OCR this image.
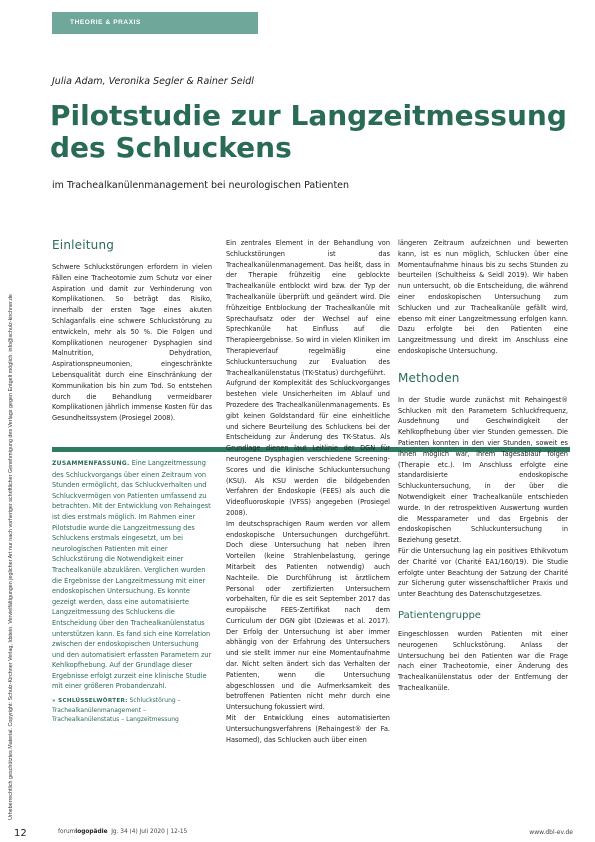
THEORIE & PRAXIS
Urheberrechtlich geschütztes Material. Copyright: Schulz-Kirchner Verlag, Idstein. Vervielfältigungen jeglicher Art nur nach vorheriger schriftlicher Genehmigung des Verlags gegen Entgelt möglich. info@schulz-kirchner.de
Julia Adam, Veronika Segler & Rainer Seidl
Pilotstudie zur Langzeitmessung des Schluckens
im Trachealkanülenmanagement bei neurologischen Patienten
Einleitung

Schwere Schluckstörungen erfordern in vielen Fällen eine Tracheotomie zum Schutz vor einer Aspiration und damit zur Verhinderung von Komplikationen. So beträgt das Risiko, innerhalb der ersten Tage eines akuten Schlaganfalls eine schwere Schluckstörung zu entwickeln, mehr als 50 %. Die Folgen und Komplikationen neurogener Dysphagien sind Malnutrition, Dehydration, Aspirationspneumonien, eingeschränkte Lebensqualität durch eine Einschränkung der Kommunikation bis hin zum Tod. So entstehen durch die Behandlung vermeidbarer Komplikationen jährlich immense Kosten für das Gesundheitssystem (Prosiegel 2008).

ZUSAMMENFASSUNG. Eine Langzeitmessung des Schluckvorgangs über einen Zeitraum von Stunden ermöglicht, das Schluckverhalten und Schluckvermögen von Patienten umfassend zu betrachten. Mit der Entwicklung von Rehaingest ist dies erstmals möglich. Im Rahmen einer Pilotstudie wurde die Langzeitmessung des Schluckens erstmals eingesetzt, um bei neurologischen Patienten mit einer Schluckstörung die Notwendigkeit einer Trachealkanüle abzuklären. Verglichen wurden die Ergebnisse der Langzeitmessung mit einer endoskopischen Untersuchung. Es konnte gezeigt werden, dass eine automatisierte Langzeitmessung des Schluckens die Entscheidung über den Trachealkanülenstatus unterstützen kann. Es fand sich eine Korrelation zwischen der endoskopischen Untersuchung und den automatisiert erfassten Parametern zur Kehlkopfhebung. Auf der Grundlage dieser Ergebnisse erfolgt zurzeit eine klinische Studie mit einer größeren Probandenzahl.

» SCHLÜSSELWÖRTER: Schluckstörung – Trachealkanülenmanagement – Trachealkanülenstatus – Langzeitmessung

Ein zentrales Element in der Behandlung von Schluckstörungen ist das Trachealkanülenmanagement. Das heißt, dass in der Therapie frühzeitig eine geblockte Trachealkanüle entblockt wird bzw. der Typ der Trachealkanüle überprüft und geändert wird. Die frühzeitige Entblockung der Trachealkanüle mit Sprechaufsatz oder der Wechsel auf eine Sprechkanüle hat Einfluss auf die Therapieergebnisse. So wird in vielen Kliniken im Therapieverlauf regelmäßig eine Schluckuntersuchung zur Evaluation des Trachealkanülenstatus (TK-Status) durchgeführt.

Aufgrund der Komplexität des Schluckvorganges bestehen viele Unsicherheiten im Ablauf und Prozedere des Trachealkanülenmanagements. Es gibt keinen Goldstandard für eine einheitliche und sichere Beurteilung des Schluckens bei der Entscheidung zur Änderung des TK-Status. Als Grundlage dienen laut Leitlinie der DGN für neurogene Dysphagien verschiedene Screening-Scores und die klinische Schluckuntersuchung (KSU). Als KSU werden die bildgebenden Verfahren der Endoskopie (FEES) als auch die Videofluoroskopie (VFSS) angegeben (Prosiegel 2008).

Im deutschsprachigen Raum werden vor allem endoskopische Untersuchungen durchgeführt. Doch diese Untersuchung hat neben ihren Vorteilen (keine Strahlenbelastung, geringe Mitarbeit des Patienten notwendig) auch Nachteile. Die Durchführung ist ärztlichem Personal oder zertifizierten Untersuchern vorbehalten, für die es seit September 2017 das europäische FEES-Zertifikat nach dem Curriculum der DGN gibt (Dziewas et al. 2017). Der Erfolg der Untersuchung ist aber immer abhängig von der Erfahrung des Untersuchers und sie stellt immer nur eine Momentaufnahme dar. Nicht selten ändert sich das Verhalten der Patienten, wenn die Untersuchung abgeschlossen und die Aufmerksamkeit des betroffenen Patienten nicht mehr durch eine Untersuchung fokussiert wird.

Mit der Entwicklung eines automatisierten Untersuchungsverfahrens (Rehaingest® der Fa. Hasomed), das Schlucken auch über einen

längeren Zeitraum aufzeichnen und bewerten kann, ist es nun möglich, Schlucken über eine Momentaufnahme hinaus bis zu sechs Stunden zu beurteilen (Schultheiss & Seidl 2019). Wir haben nun untersucht, ob die Entscheidung, die während einer endoskopischen Untersuchung zum Schlucken und zur Trachealkanüle gefällt wird, ebenso mit einer Langzeitmessung erfolgen kann. Dazu erfolgte bei den Patienten eine Langzeitmessung und direkt im Anschluss eine endoskopische Untersuchung.

Methoden

In der Studie wurde zunächst mit Rehaingest® Schlucken mit den Parametern Schluckfrequenz, Ausdehnung und Geschwindigkeit der Kehlkopfhebung über vier Stunden gemessen. Die Patienten konnten in den vier Stunden, soweit es ihnen möglich war, ihrem Tagesablauf folgen (Therapie etc.). Im Anschluss erfolgte eine standardisierte endoskopische Schluckuntersuchung, in der über die Notwendigkeit einer Trachealkanüle entschieden wurde. In der retrospektiven Auswertung wurden die Messparameter und das Ergebnis der endoskopischen Schluckuntersuchung in Beziehung gesetzt.

Für die Untersuchung lag ein positives Ethikvotum der Charité vor (Charité EA1/160/19). Die Studie erfolgte unter Beachtung der Satzung der Charité zur Sicherung guter wissenschaftlicher Praxis und unter Beachtung des Datenschutzgesetzes.

Patientengruppe

Eingeschlossen wurden Patienten mit einer neurogenen Schluckstörung. Anlass der Untersuchung bei den Patienten war die Frage nach einer Tracheotomie, einer Änderung des Trachealkanülenstatus oder der Entfernung der Trachealkanüle.

12	forumlogopädie Jg. 34 (4) Juli 2020 | 12-15	www.dbl-ev.de
